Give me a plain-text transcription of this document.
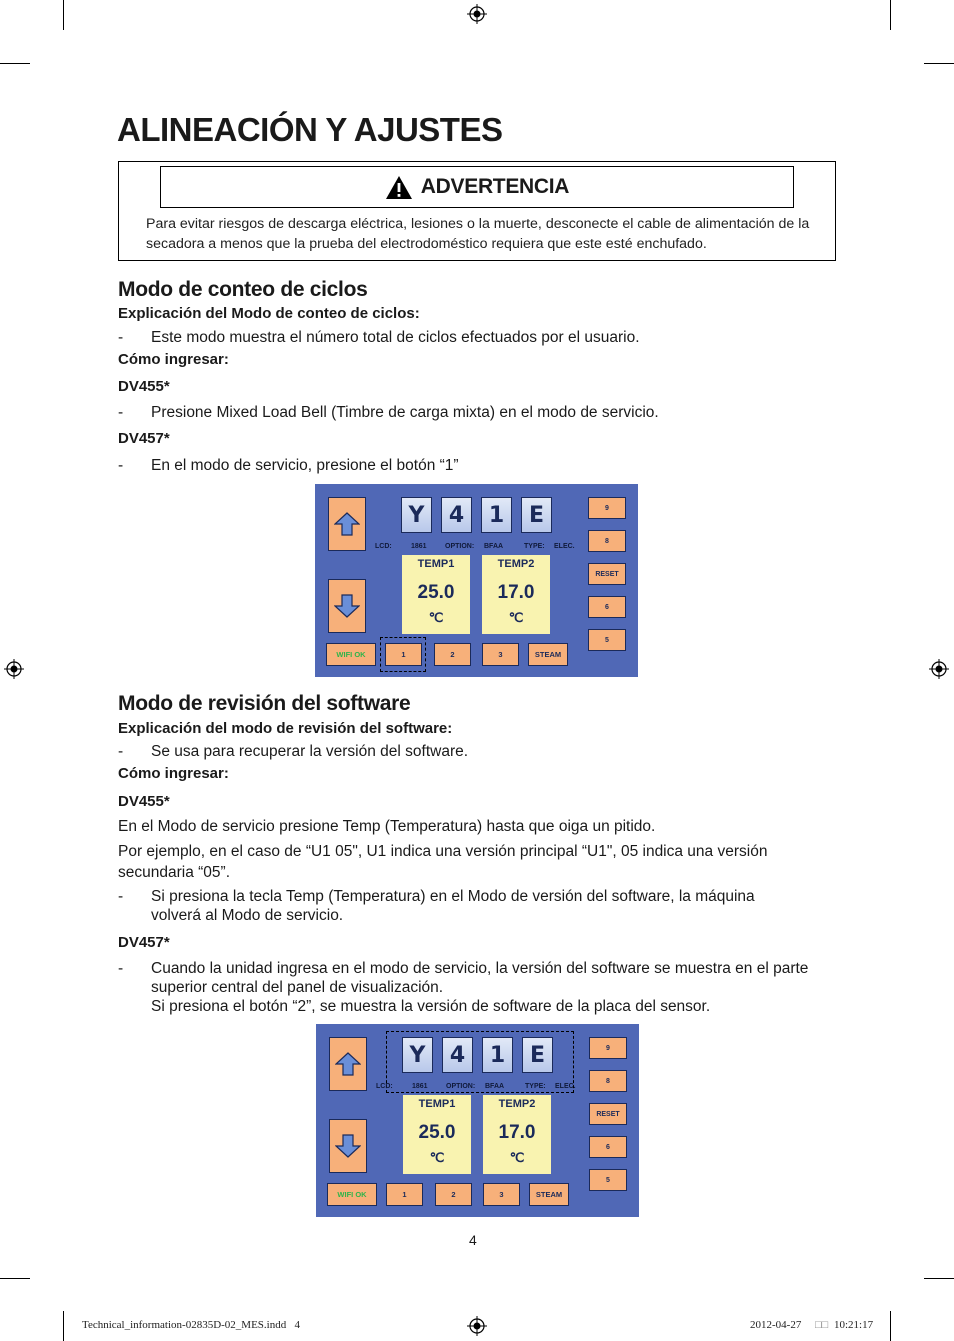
ALINEACIÓN Y AJUSTES
ADVERTENCIA
Para evitar riesgos de descarga eléctrica, lesiones o la muerte, desconecte el cable de alimentación de la secadora a menos que la prueba del electrodoméstico requiera que este esté enchufado.
Modo de conteo de ciclos
Explicación del Modo de conteo de ciclos:
- Este modo muestra el número total de ciclos efectuados por el usuario.
Cómo ingresar:
DV455*
- Presione Mixed Load Bell (Timbre de carga mixta) en el modo de servicio.
DV457*
- En el modo de servicio, presione el botón “1”
Y	4	1	E
LCD:	1861	OPTION: BFAA	TYPE: ELEC.
TEMP1
25.0
℃
TEMP2
17.0
℃
9
8
RESET
6
5
WIFI OK	1	2	3	STEAM
Modo de revisión del software
Explicación del modo de revisión del software:
- Se usa para recuperar la versión del software.
Cómo ingresar:
DV455*
En el Modo de servicio presione Temp (Temperatura) hasta que oiga un pitido.
Por ejemplo, en el caso de “U1 05", U1 indica una versión principal “U1", 05 indica una versión secundaria “05”.
- Si presiona la tecla Temp (Temperatura) en el Modo de versión del software, la máquina volverá al Modo de servicio.
DV457*
- Cuando la unidad ingresa en el modo de servicio, la versión del software se muestra en el parte superior central del panel de visualización.
Si presiona el botón “2”, se muestra la versión de software de la placa del sensor.
Y	4	1	E
LCD:	1861	OPTION: BFAA	TYPE: ELEC.
TEMP1
25.0
℃
TEMP2
17.0
℃
9
8
RESET
6
5
WIFI OK	1	2	3	STEAM
4
Technical_information-02835D-02_MES.indd   4	2012-04-27 □□ 10:21:17
